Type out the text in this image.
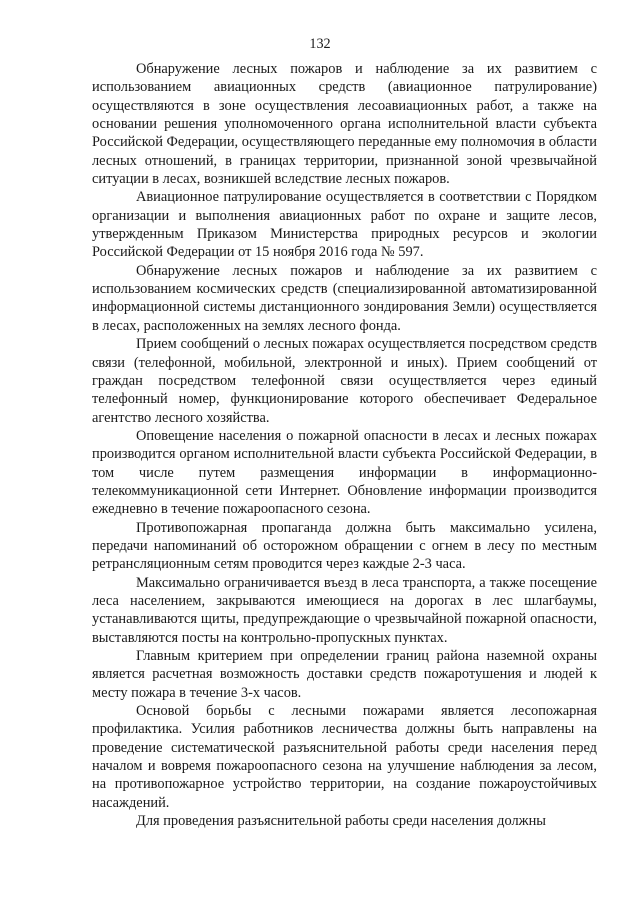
132

Обнаружение лесных пожаров и наблюдение за их развитием с использованием авиационных средств (авиационное патрулирование) осуществляются в зоне осуществления лесоавиационных работ, а также на основании решения уполномоченного органа исполнительной власти субъекта Российской Федерации, осуществляющего переданные ему полномочия в области лесных отношений, в границах территории, признанной зоной чрезвычайной ситуации в лесах, возникшей вследствие лесных пожаров.

Авиационное патрулирование осуществляется в соответствии с Порядком организации и выполнения авиационных работ по охране и защите лесов, утвержденным Приказом Министерства природных ресурсов и экологии Российской Федерации от 15 ноября 2016 года № 597.

Обнаружение лесных пожаров и наблюдение за их развитием с использованием космических средств (специализированной автоматизированной информационной системы дистанционного зондирования Земли) осуществляется в лесах, расположенных на землях лесного фонда.

Прием сообщений о лесных пожарах осуществляется посредством средств связи (телефонной, мобильной, электронной и иных). Прием сообщений от граждан посредством телефонной связи осуществляется через единый телефонный номер, функционирование которого обеспечивает Федеральное агентство лесного хозяйства.

Оповещение населения о пожарной опасности в лесах и лесных пожарах производится органом исполнительной власти субъекта Российской Федерации, в том числе путем размещения информации в информационно-телекоммуникационной сети Интернет. Обновление информации производится ежедневно в течение пожароопасного сезона.

Противопожарная пропаганда должна быть максимально усилена, передачи напоминаний об осторожном обращении с огнем в лесу по местным ретрансляционным сетям проводится через каждые 2-3 часа.

Максимально ограничивается въезд в леса транспорта, а также посещение леса населением, закрываются имеющиеся на дорогах в лес шлагбаумы, устанавливаются щиты, предупреждающие о чрезвычайной пожарной опасности, выставляются посты на контрольно-пропускных пунктах.

Главным критерием при определении границ района наземной охраны является расчетная возможность доставки средств пожаротушения и людей к месту пожара в течение 3-х часов.

Основой борьбы с лесными пожарами является лесопожарная профилактика. Усилия работников лесничества должны быть направлены на проведение систематической разъяснительной работы среди населения перед началом и вовремя пожароопасного сезона на улучшение наблюдения за лесом, на противопожарное устройство территории, на создание пожароустойчивых насаждений.

Для проведения разъяснительной работы среди населения должны
